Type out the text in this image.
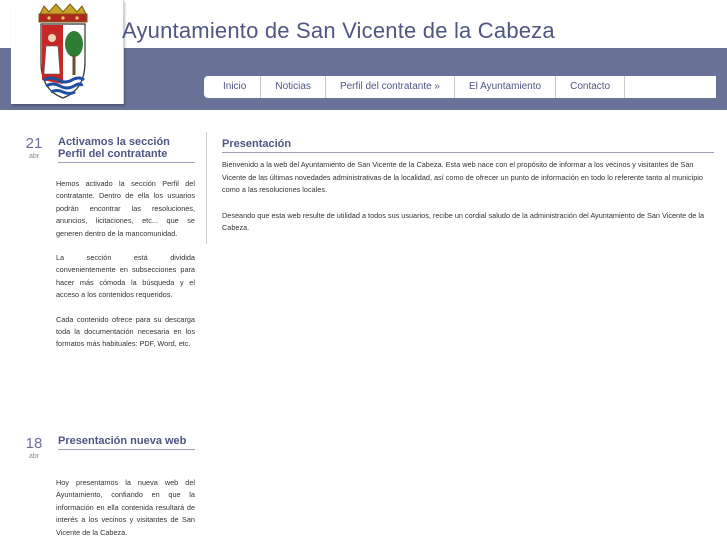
Ayuntamiento de San Vicente de la Cabeza
Inicio	Noticias	Perfil del contratante »	El Ayuntamiento	Contacto
21
abr
Activamos la sección Perfil del contratante

Hemos activado la sección Perfil del contratante. Dentro de ella los usuarios podrán encontrar las resoluciones, anuncios, licitaciones, etc... que se generen dentro de la mancomunidad.

La sección está dividida convenientemente en subsecciones para hacer más cómoda la búsqueda y el acceso a los contenidos requeridos.

Cada contenido ofrece para su descarga toda la documentación necesaria en los formatos más habituales: PDF, Word, etc.

18
abr
Presentación nueva web

Hoy presentamos la nueva web del Ayuntamiento, confiando en que la información en ella contenida resultará de interés a los vecinos y visitantes de San Vicente de la Cabeza.

Presentación

Bienvenido a la web del Ayuntamiento de San Vicente de la Cabeza. Esta web nace con el propósito de informar a los vecinos y visitantes de San Vicente de las últimas novedades administrativas de la localidad, así como de ofrecer un punto de información en todo lo referente tanto al municipio como a las resoluciones locales.

Deseando que esta web resulte de utilidad a todos sus usuarios, recibe un cordial saludo de la administración del Ayuntamiento de San Vicente de la Cabeza.
